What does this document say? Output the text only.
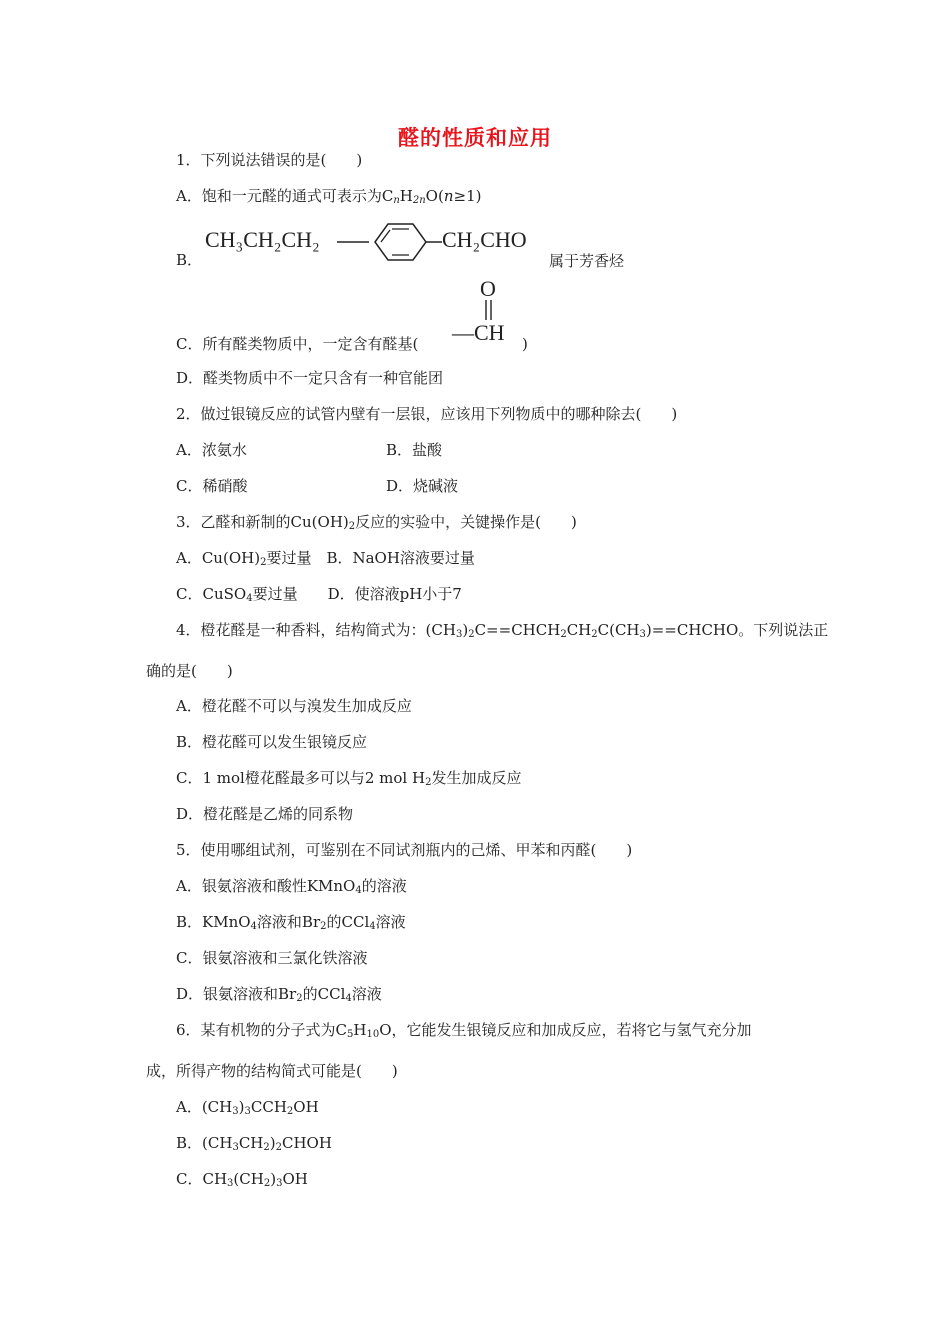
醛的性质和应用
1．下列说法错误的是(　　)
A．饱和一元醛的通式可表示为$C_nH_{2n}O(n\ge 1)$
B．
CH₃CH₂CH₂	CH₂CHO
属于芳香烃
C．所有醛类物质中，一定含有醛基(
O
—CH )
D．醛类物质中不一定只含有一种官能团
2．做过银镜反应的试管内壁有一层银，应该用下列物质中的哪种除去(　　)
A．浓氨水	B．盐酸
C．稀硝酸	D．烧碱液
3．乙醛和新制的$Cu(OH)_2$反应的实验中，关键操作是(　　)
A．$Cu(OH)_2$要过量　B．NaOH溶液要过量
C．CuSO$_4$要过量　　D．使溶液pH小于7
4．橙花醛是一种香料，结构简式为：$(CH_3)_2C==CHCH_2CH_2C(CH_3)==CHCHO$。下列说法正
确的是(　　)
A．橙花醛不可以与溴发生加成反应
B．橙花醛可以发生银镜反应
C．1 mol橙花醛最多可以与2 mol $H_2$发生加成反应
D．橙花醛是乙烯的同系物
5．使用哪组试剂，可鉴别在不同试剂瓶内的己烯、甲苯和丙醛(　　)
A．银氨溶液和酸性KMnO$_4$的溶液
B．KMnO$_4$溶液和$Br_2$的CCl$_4$溶液
C．银氨溶液和三氯化铁溶液
D．银氨溶液和$Br_2$的CCl$_4$溶液
6．某有机物的分子式为$C_5H_{10}O$，它能发生银镜反应和加成反应，若将它与氢气充分加
成，所得产物的结构简式可能是(　　)
A．$(CH_3)_3CCH_2OH$
B．$(CH_3CH_2)_2CHOH$
C．$CH_3(CH_2)_3OH$
